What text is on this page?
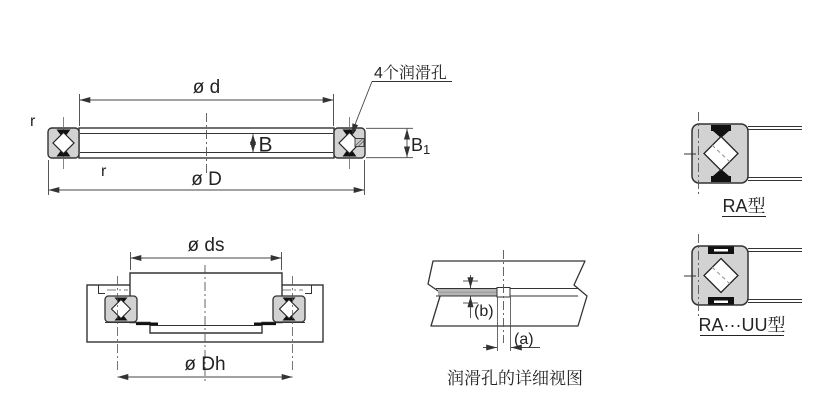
ø d
ø D
B	B1
r
r
4个润滑孔
ø ds
ø Dh
(b)
(a)
润滑孔的详细视图
RA型
RA···UU型
